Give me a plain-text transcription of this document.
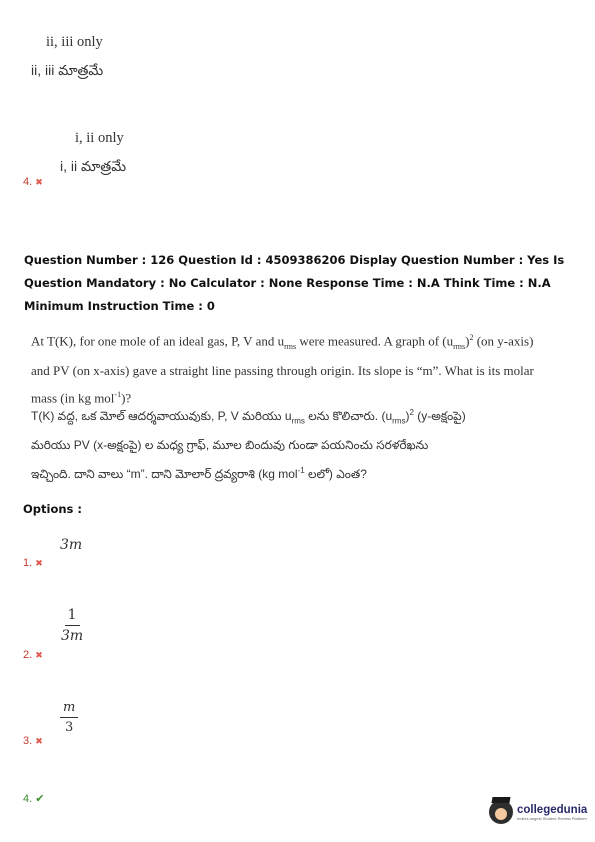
ii, iii only
ii, iii మాత్రమే
i, ii only
i, ii మాత్రమే
4. ✖
Question Number : 126 Question Id : 4509386206 Display Question Number : Yes Is Question Mandatory : No Calculator : None Response Time : N.A Think Time : N.A Minimum Instruction Time : 0
At T(K), for one mole of an ideal gas, P, V and $u_{rms}$ were measured. A graph of $(u_{rms})^2$ (on y-axis)
and PV (on x-axis) gave a straight line passing through origin. Its slope is “m”. What is its molar
mass (in kg mol$^{-1}$)?
T(K) వద్ద, ఒక మోల్ ఆదర్శవాయువుకు, P, V మరియు $u_{rms}$ లను కొలిచారు. $(u_{rms})^2$ (y-అక్షంపై)
మరియు PV (x-అక్షంపై) ల మధ్య గ్రాఫ్, మూల బిందువు గుండా పయనించు సరళరేఖను
ఇచ్చింది. దాని వాలు “m”. దాని మోలార్ ద్రవ్యరాశి (kg mol$^{-1}$ లలో) ఎంత?
Options :
3m
1. ✖
$\frac{1}{3m}$
2. ✖
$\frac{m}{3}$
3. ✖
4. ✔
collegedunia
India's largest Student Review Platform
